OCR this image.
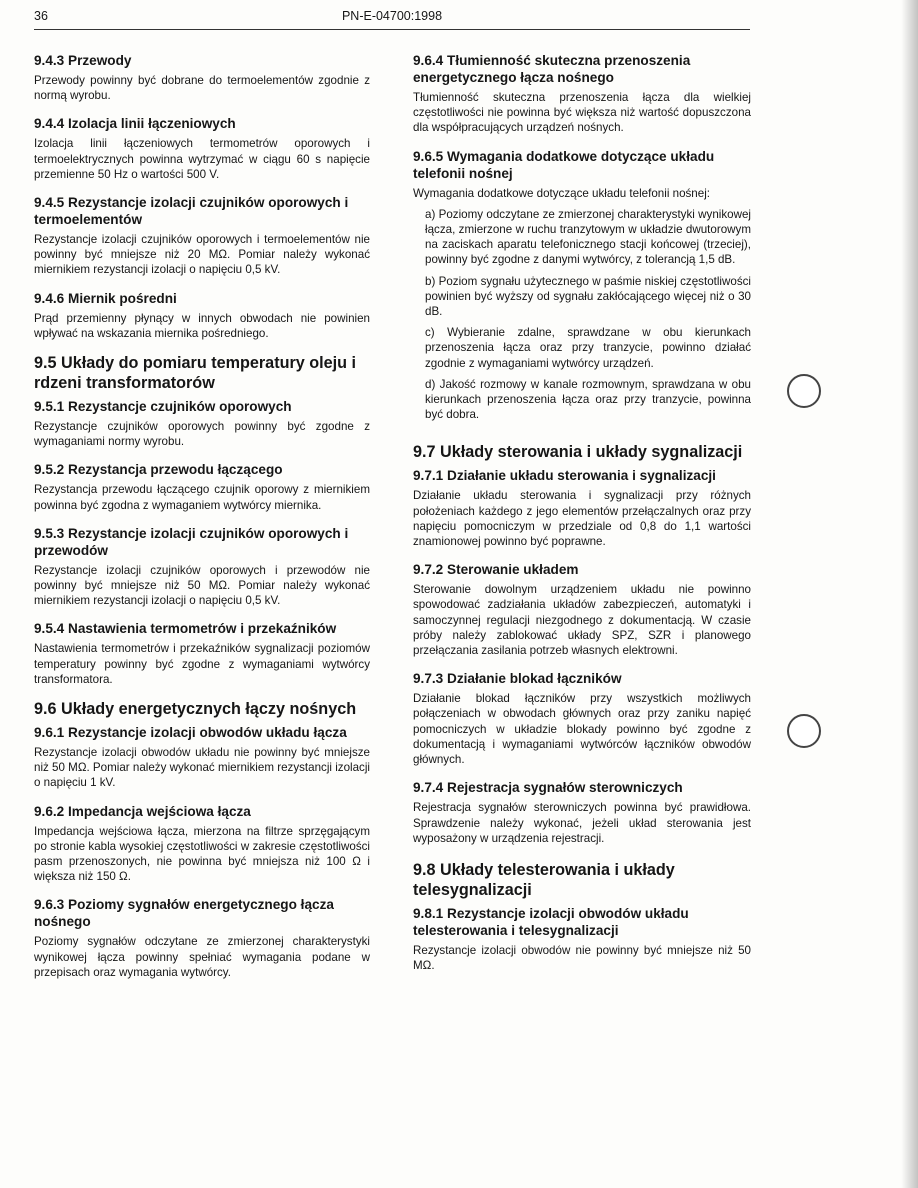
36	PN-E-04700:1998
9.4.3 Przewody

Przewody powinny być dobrane do termoelementów zgodnie z normą wyrobu.

9.4.4 Izolacja linii łączeniowych

Izolacja linii łączeniowych termometrów oporowych i termoelektrycznych powinna wytrzymać w ciągu 60 s napięcie przemienne 50 Hz o wartości 500 V.

9.4.5 Rezystancje izolacji czujników oporowych i termoelementów

Rezystancje izolacji czujników oporowych i termoelementów nie powinny być mniejsze niż 20 MΩ. Pomiar należy wykonać miernikiem rezystancji izolacji o napięciu 0,5 kV.

9.4.6 Miernik pośredni

Prąd przemienny płynący w innych obwodach nie powinien wpływać na wskazania miernika pośredniego.

9.5 Układy do pomiaru temperatury oleju i rdzeni transformatorów
9.5.1 Rezystancje czujników oporowych

Rezystancje czujników oporowych powinny być zgodne z wymaganiami normy wyrobu.

9.5.2 Rezystancja przewodu łączącego

Rezystancja przewodu łączącego czujnik oporowy z miernikiem powinna być zgodna z wymaganiem wytwórcy miernika.

9.5.3 Rezystancje izolacji czujników oporowych i przewodów

Rezystancje izolacji czujników oporowych i przewodów nie powinny być mniejsze niż 50 MΩ. Pomiar należy wykonać miernikiem rezystancji izolacji o napięciu 0,5 kV.

9.5.4 Nastawienia termometrów i przekaźników

Nastawienia termometrów i przekaźników sygnalizacji poziomów temperatury powinny być zgodne z wymaganiami wytwórcy transformatora.

9.6 Układy energetycznych łączy nośnych
9.6.1 Rezystancje izolacji obwodów układu łącza

Rezystancje izolacji obwodów układu nie powinny być mniejsze niż 50 MΩ. Pomiar należy wykonać miernikiem rezystancji izolacji o napięciu 1 kV.

9.6.2 Impedancja wejściowa łącza

Impedancja wejściowa łącza, mierzona na filtrze sprzęgającym po stronie kabla wysokiej częstotliwości w zakresie częstotliwości pasm przenoszonych, nie powinna być mniejsza niż 100 Ω i większa niż 150 Ω.

9.6.3 Poziomy sygnałów energetycznego łącza nośnego

Poziomy sygnałów odczytane ze zmierzonej charakterystyki wynikowej łącza powinny spełniać wymagania podane w przepisach oraz wymagania wytwórcy.

9.6.4 Tłumienność skuteczna przenoszenia energetycznego łącza nośnego

Tłumienność skuteczna przenoszenia łącza dla wielkiej częstotliwości nie powinna być większa niż wartość dopuszczona dla współpracujących urządzeń nośnych.

9.6.5 Wymagania dodatkowe dotyczące układu telefonii nośnej

Wymagania dodatkowe dotyczące układu telefonii nośnej:

a) Poziomy odczytane ze zmierzonej charakterystyki wynikowej łącza, zmierzone w ruchu tranzytowym w układzie dwutorowym na zaciskach aparatu telefonicznego stacji końcowej (trzeciej), powinny być zgodne z danymi wytwórcy, z tolerancją 1,5 dB.

b) Poziom sygnału użytecznego w paśmie niskiej częstotliwości powinien być wyższy od sygnału zakłócającego więcej niż o 30 dB.

c) Wybieranie zdalne, sprawdzane w obu kierunkach przenoszenia łącza oraz przy tranzycie, powinno działać zgodnie z wymaganiami wytwórcy urządzeń.

d) Jakość rozmowy w kanale rozmownym, sprawdzana w obu kierunkach przenoszenia łącza oraz przy tranzycie, powinna być dobra.

9.7 Układy sterowania i układy sygnalizacji
9.7.1 Działanie układu sterowania i sygnalizacji

Działanie układu sterowania i sygnalizacji przy różnych położeniach każdego z jego elementów przełączalnych oraz przy napięciu pomocniczym w przedziale od 0,8 do 1,1 wartości znamionowej powinno być poprawne.

9.7.2 Sterowanie układem

Sterowanie dowolnym urządzeniem układu nie powinno spowodować zadziałania układów zabezpieczeń, automatyki i samoczynnej regulacji niezgodnego z dokumentacją. W czasie próby należy zablokować układy SPZ, SZR i planowego przełączania zasilania potrzeb własnych elektrowni.

9.7.3 Działanie blokad łączników

Działanie blokad łączników przy wszystkich możliwych połączeniach w obwodach głównych oraz przy zaniku napięć pomocniczych w układzie blokady powinno być zgodne z dokumentacją i wymaganiami wytwórców łączników obwodów głównych.

9.7.4 Rejestracja sygnałów sterowniczych

Rejestracja sygnałów sterowniczych powinna być prawidłowa. Sprawdzenie należy wykonać, jeżeli układ sterowania jest wyposażony w urządzenia rejestracji.

9.8 Układy telesterowania i układy telesygnalizacji
9.8.1 Rezystancje izolacji obwodów układu telesterowania i telesygnalizacji

Rezystancje izolacji obwodów nie powinny być mniejsze niż 50 MΩ.
